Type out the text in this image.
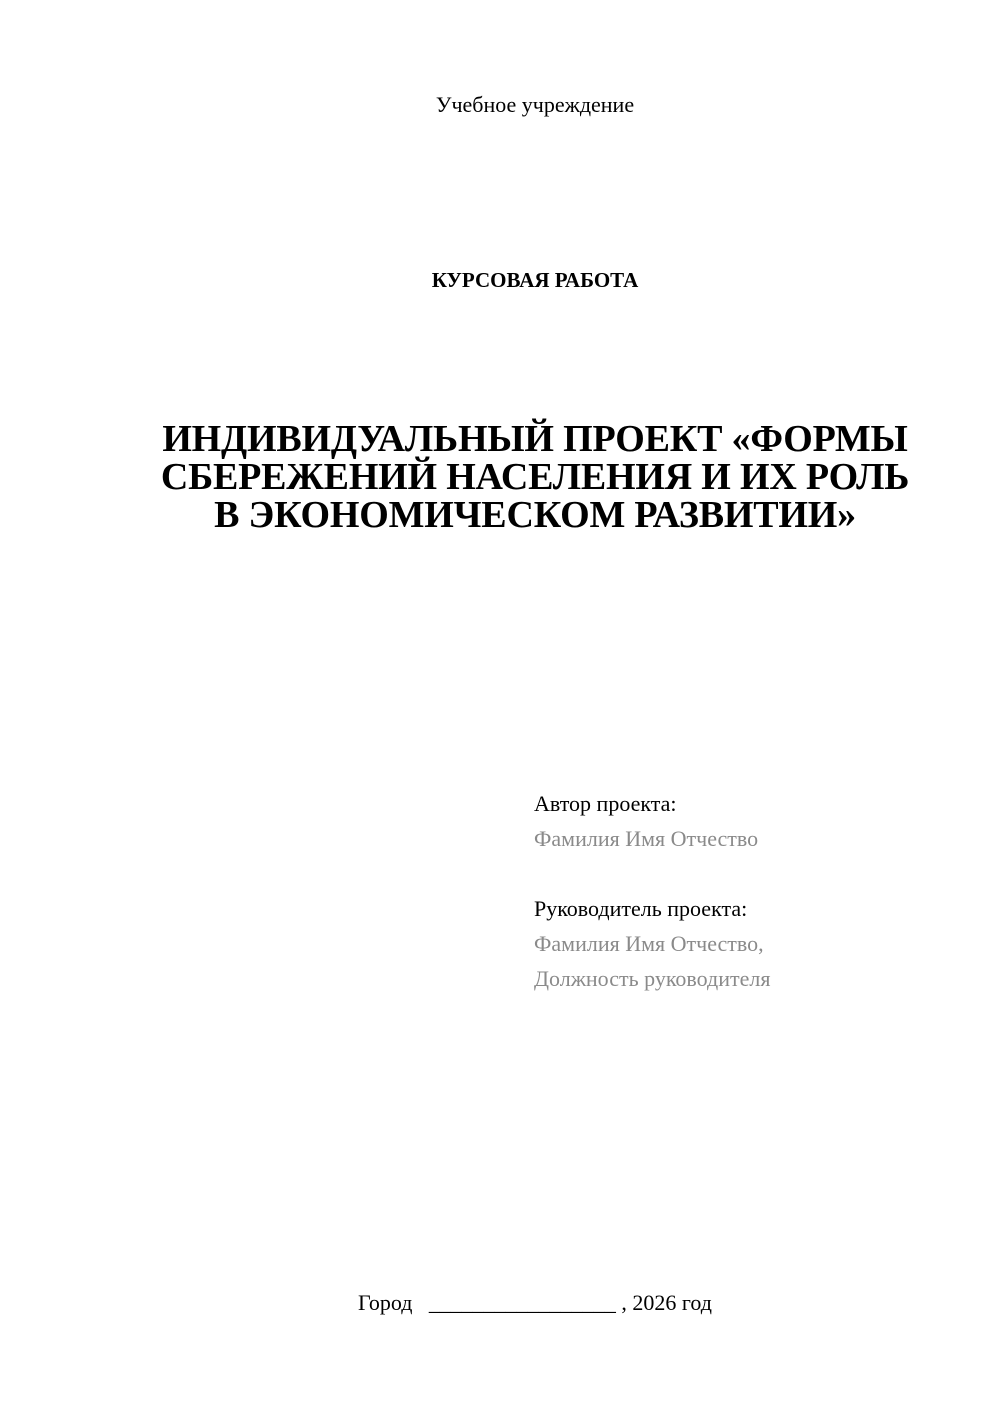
Учебное учреждение
КУРСОВАЯ РАБОТА
ИНДИВИДУАЛЬНЫЙ ПРОЕКТ «ФОРМЫ
СБЕРЕЖЕНИЙ НАСЕЛЕНИЯ И ИХ РОЛЬ
В ЭКОНОМИЧЕСКОМ РАЗВИТИИ»
Автор проекта:
Фамилия Имя Отчество
Руководитель проекта:
Фамилия Имя Отчество,
Должность руководителя
Город _________________ , 2026 год
